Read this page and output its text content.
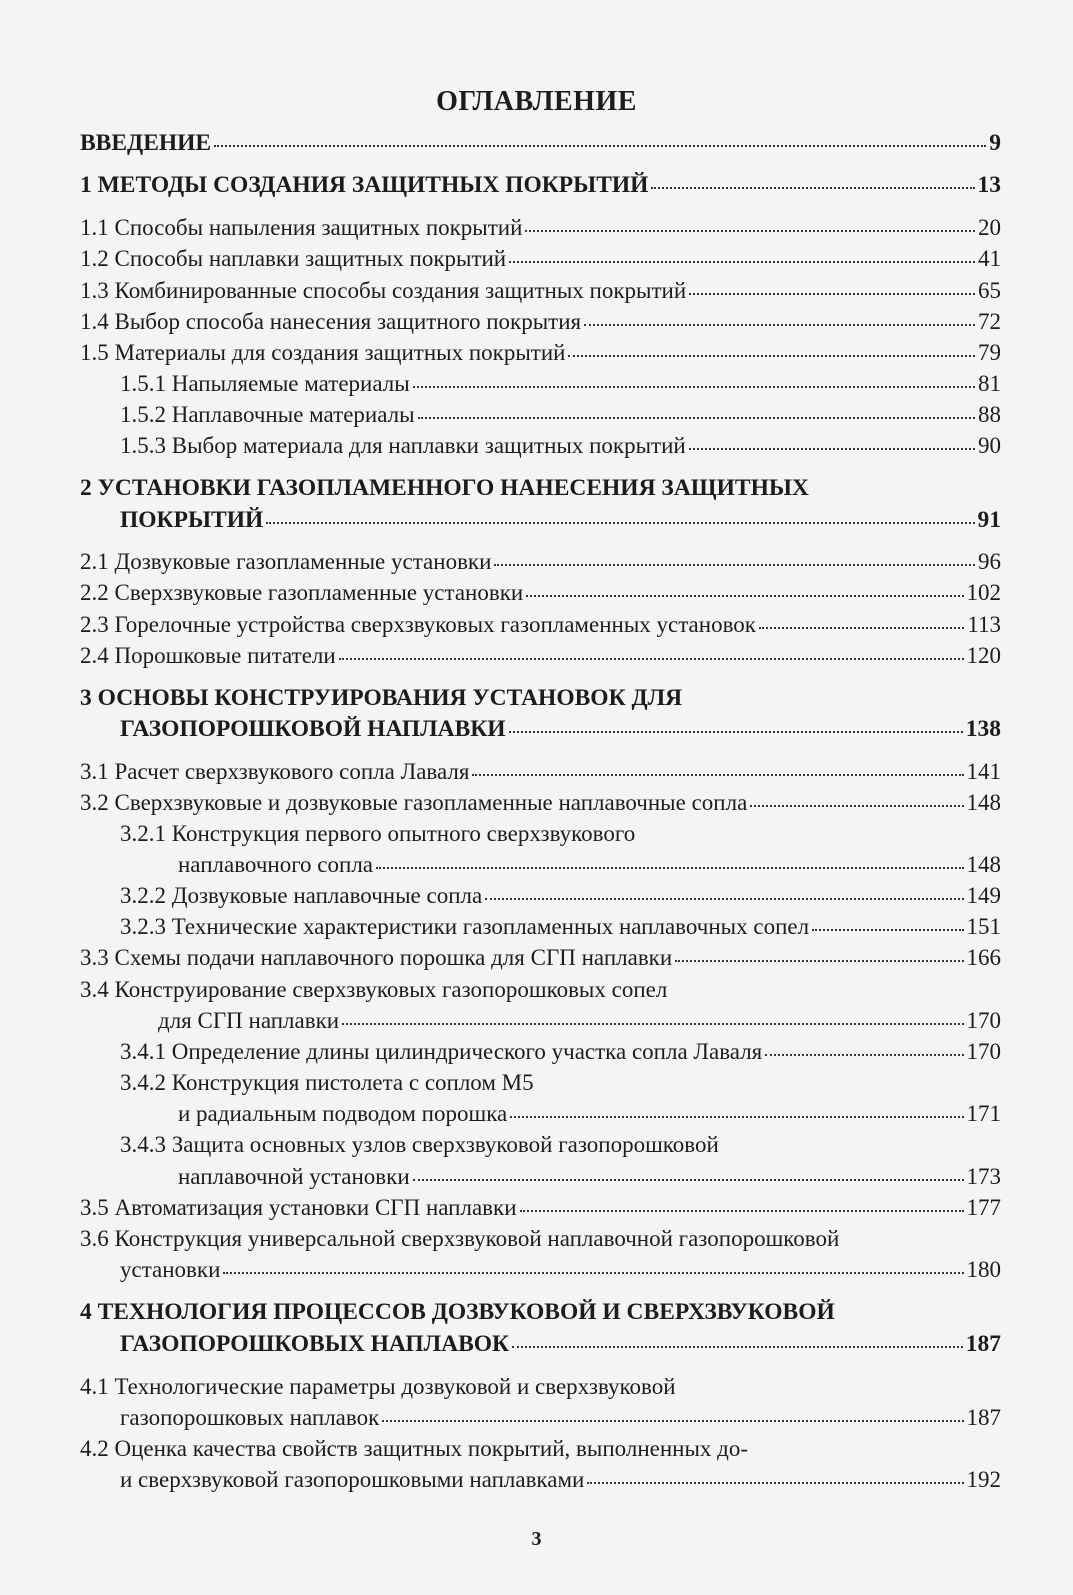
ОГЛАВЛЕНИЕ
ВВЕДЕНИЕ	9
1 МЕТОДЫ СОЗДАНИЯ ЗАЩИТНЫХ ПОКРЫТИЙ	13
1.1 Способы напыления защитных покрытий	20
1.2 Способы наплавки защитных покрытий	41
1.3 Комбинированные способы создания защитных покрытий	65
1.4 Выбор способа нанесения защитного покрытия	72
1.5 Материалы для создания защитных покрытий	79
1.5.1 Напыляемые материалы	81
1.5.2 Наплавочные материалы	88
1.5.3 Выбор материала для наплавки защитных покрытий	90
2 УСТАНОВКИ ГАЗОПЛАМЕННОГО НАНЕСЕНИЯ ЗАЩИТНЫХ
ПОКРЫТИЙ	91
2.1 Дозвуковые газопламенные установки	96
2.2 Сверхзвуковые газопламенные установки	102
2.3 Горелочные устройства сверхзвуковых газопламенных установок	113
2.4 Порошковые питатели	120
3 ОСНОВЫ КОНСТРУИРОВАНИЯ УСТАНОВОК ДЛЯ
ГАЗОПОРОШКОВОЙ НАПЛАВКИ	138
3.1 Расчет сверхзвукового сопла Лаваля	141
3.2 Сверхзвуковые и дозвуковые газопламенные наплавочные сопла	148
3.2.1 Конструкция первого опытного сверхзвукового
наплавочного сопла	148
3.2.2 Дозвуковые наплавочные сопла	149
3.2.3 Технические характеристики газопламенных наплавочных сопел	151
3.3 Схемы подачи наплавочного порошка для СГП наплавки	166
3.4 Конструирование сверхзвуковых газопорошковых сопел
для СГП наплавки	170
3.4.1 Определение длины цилиндрического участка сопла Лаваля	170
3.4.2 Конструкция пистолета с соплом М5
и радиальным подводом порошка	171
3.4.3 Защита основных узлов сверхзвуковой газопорошковой
наплавочной установки	173
3.5 Автоматизация установки СГП наплавки	177
3.6 Конструкция универсальной сверхзвуковой наплавочной газопорошковой
установки	180
4 ТЕХНОЛОГИЯ ПРОЦЕССОВ ДОЗВУКОВОЙ И СВЕРХЗВУКОВОЙ
ГАЗОПОРОШКОВЫХ НАПЛАВОК	187
4.1 Технологические параметры дозвуковой и сверхзвуковой
газопорошковых наплавок	187
4.2 Оценка качества свойств защитных покрытий, выполненных до-
и сверхзвуковой газопорошковыми наплавками	192
3
